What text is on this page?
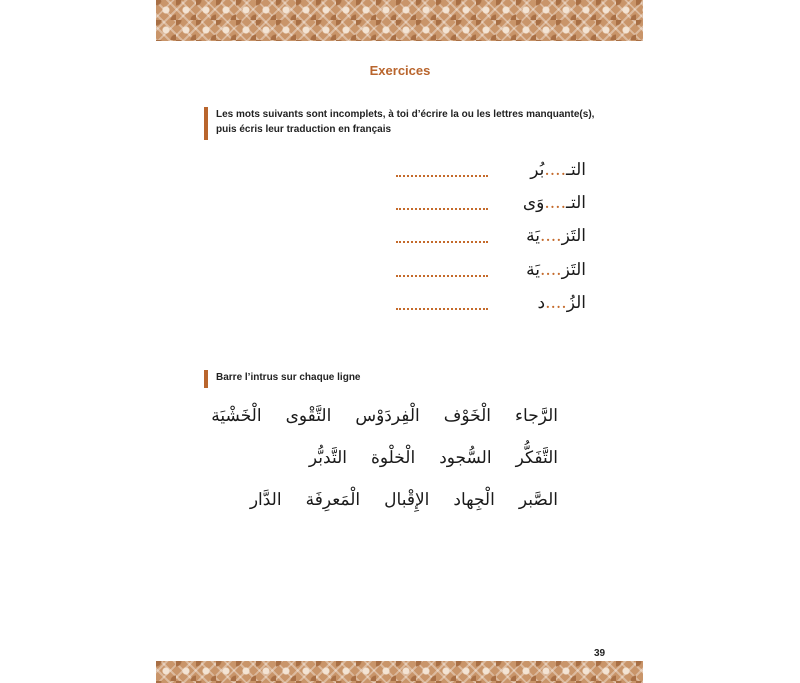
Exercices
Les mots suivants sont incomplets, à toi d’écrire la ou les lettres manquante(s),
puis écris leur traduction en français
التـ....بُر
التـ....وَى
التَز....يَة
التَز....يَة
الزُ....د
Barre l’intrus sur chaque ligne
الرَّجاء
الْخَوْف
الْفِردَوْس
التَّقْوى
الْخَشْيَة
التَّفَكُّر
السُّجود
الْخلْوة
التَّدبُّر
الصَّبر
الْجِهاد
الإِقْبال
الْمَعرِفَة
الدَّار
39
